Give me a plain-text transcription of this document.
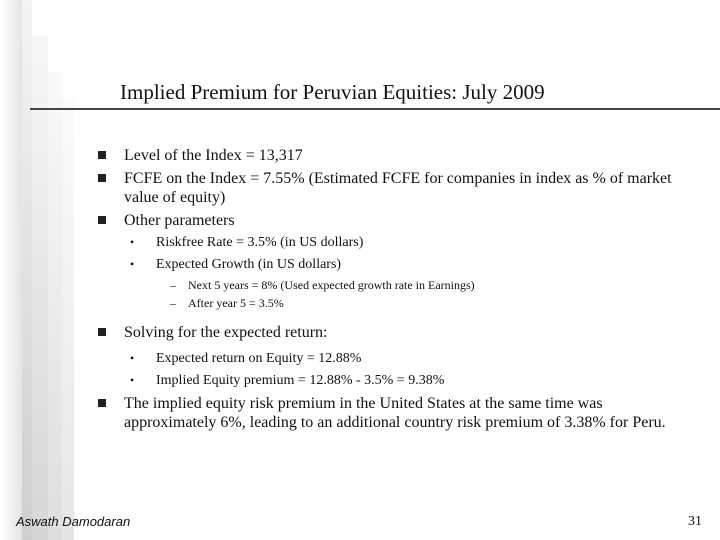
Implied Premium for Peruvian Equities: July 2009
Level of the Index = 13,317
FCFE on the Index = 7.55% (Estimated FCFE for companies in index as % of market value of equity)
Other parameters
• Riskfree Rate = 3.5% (in US dollars)
• Expected Growth (in US dollars)
– Next 5 years = 8% (Used expected growth rate in Earnings)
– After year 5 = 3.5%
Solving for the expected return:
• Expected return on Equity = 12.88%
• Implied Equity premium = 12.88% - 3.5% = 9.38%
The implied equity risk premium in the United States at the same time was approximately 6%, leading to an additional country risk premium of 3.38% for Peru.
Aswath Damodaran	31
